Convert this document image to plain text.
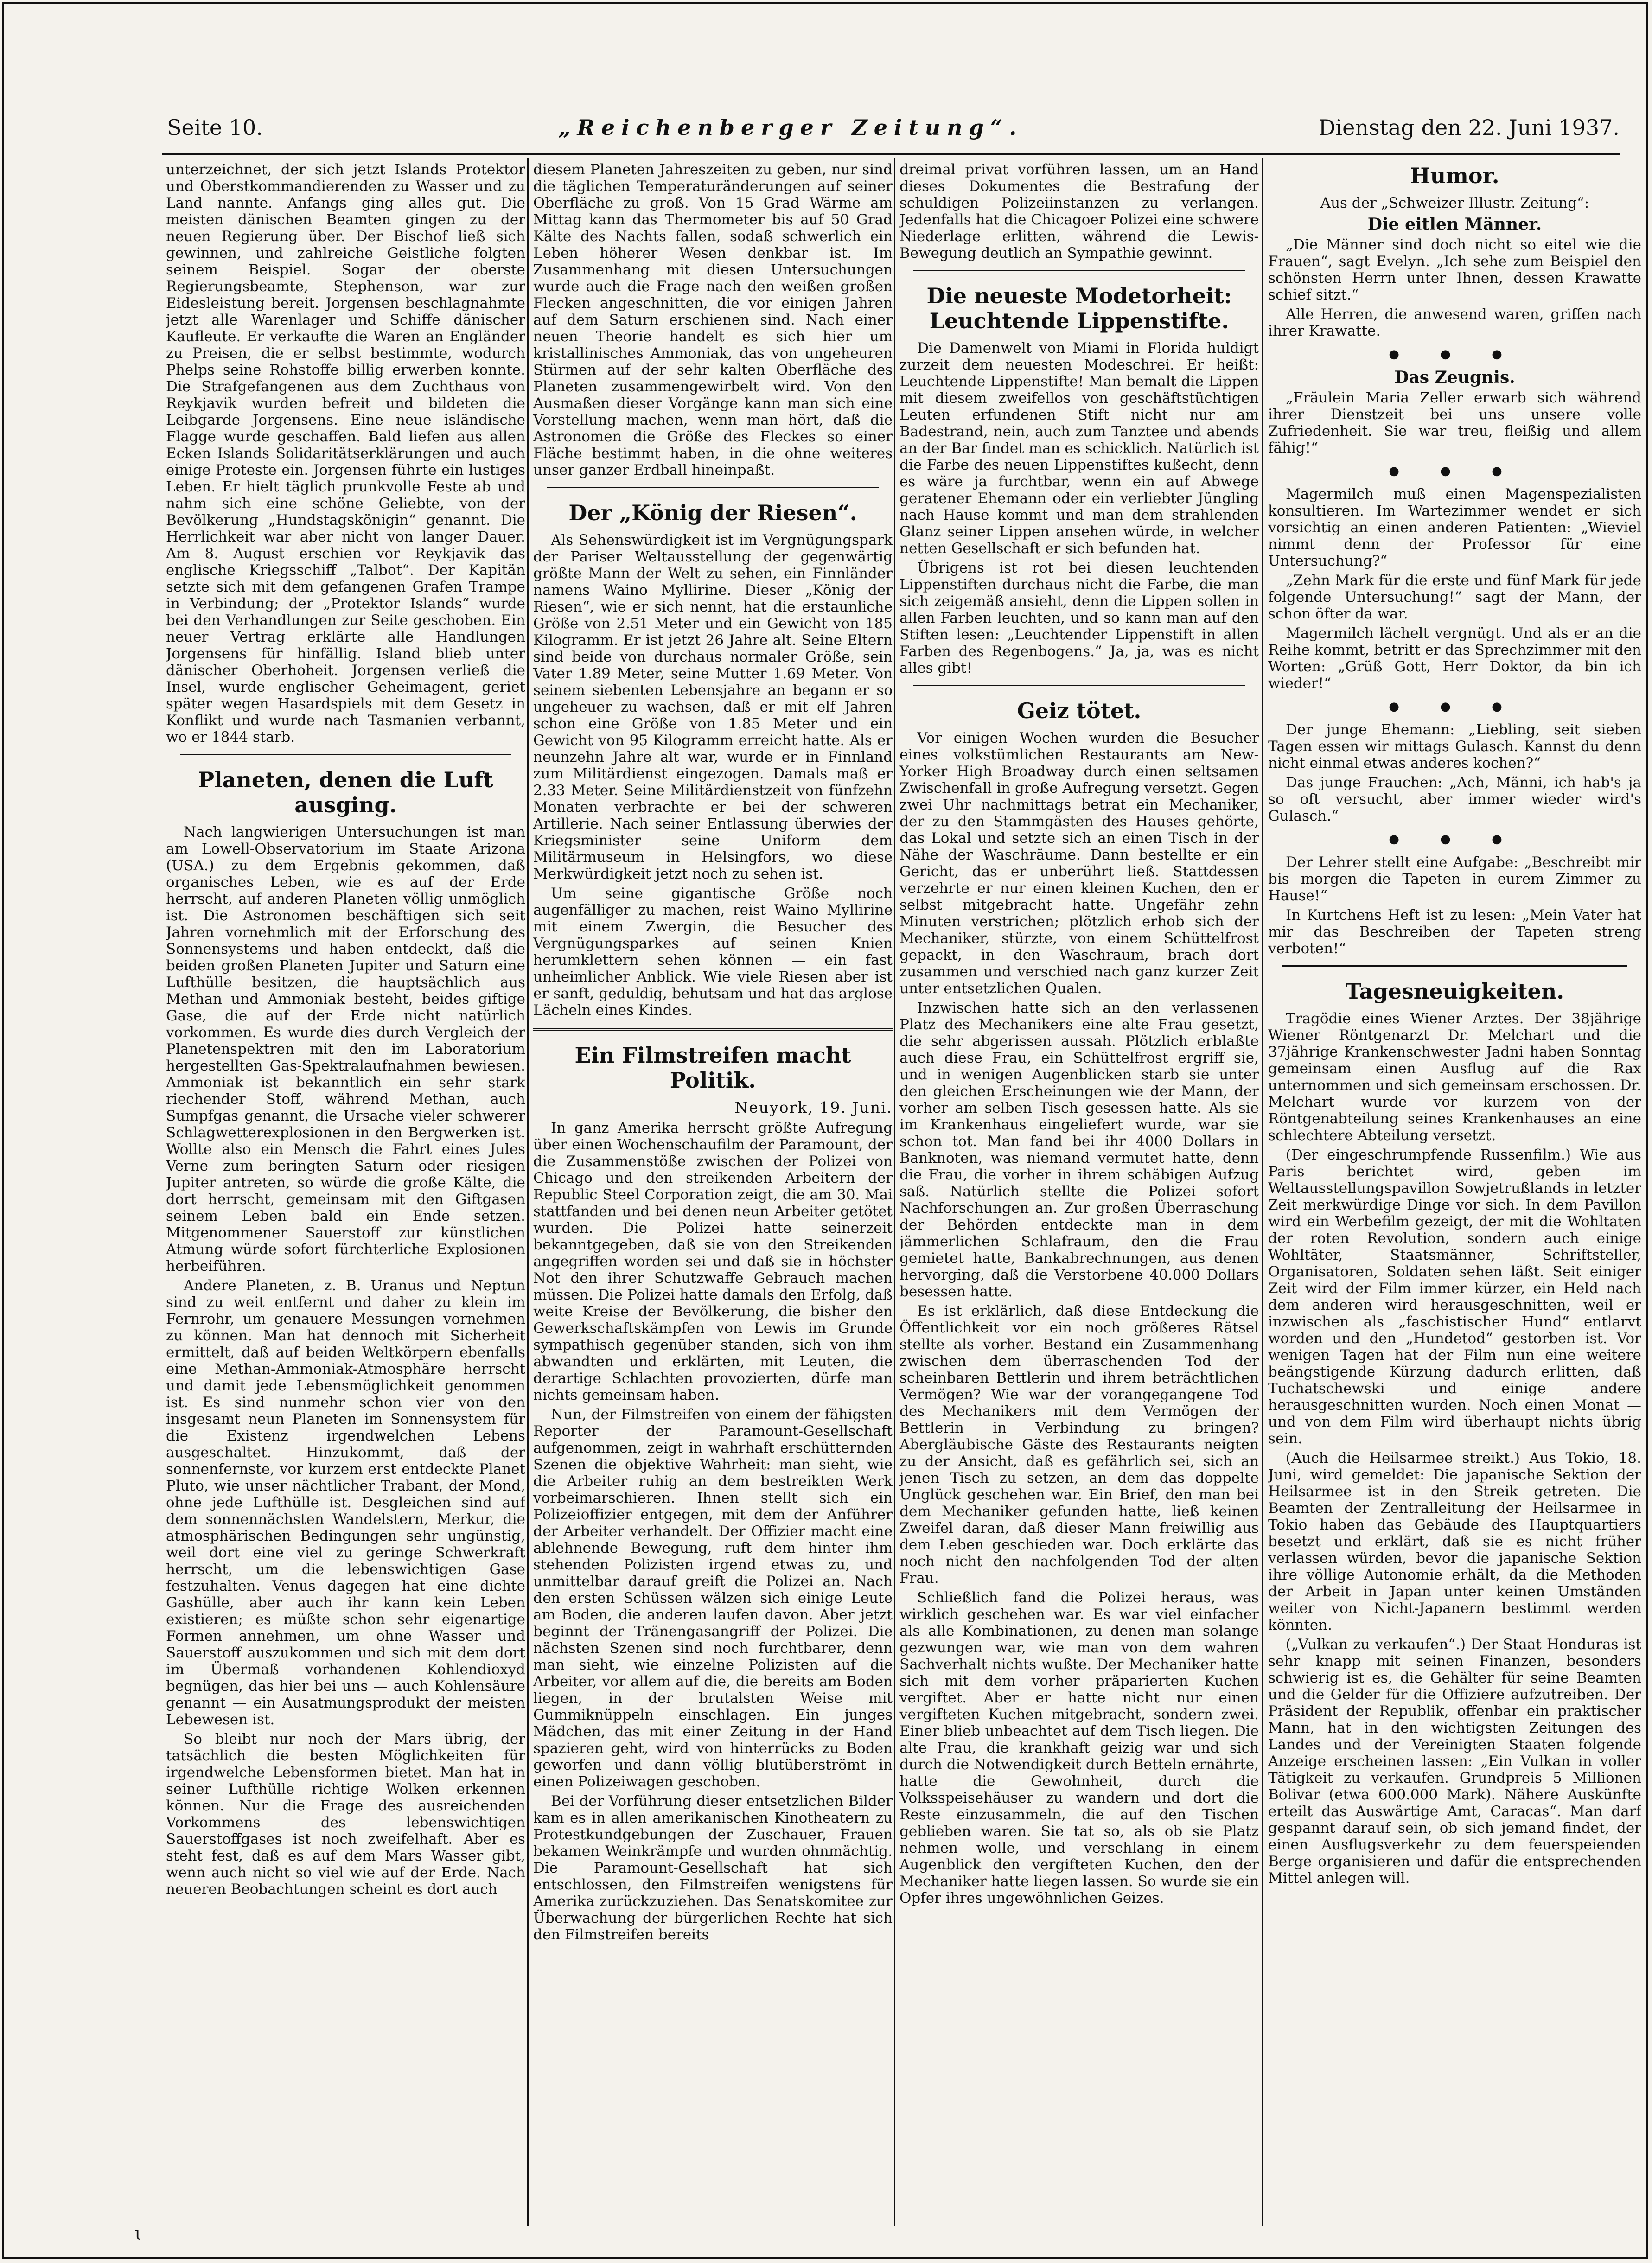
Seite 10.	„Reichenberger Zeitung“.	Dienstag den 22. Juni 1937.

unterzeichnet, der sich jetzt Islands Protektor und Oberstkommandierenden zu Wasser und zu Land nannte. Anfangs ging alles gut. Die meisten dänischen Beamten gingen zu der neuen Regierung über. Der Bischof ließ sich gewinnen, und zahlreiche Geistliche folgten seinem Beispiel. Sogar der oberste Regierungsbeamte, Stephenson, war zur Eidesleistung bereit. Jorgensen beschlagnahmte jetzt alle Warenlager und Schiffe dänischer Kaufleute. Er verkaufte die Waren an Engländer zu Preisen, die er selbst bestimmte, wodurch Phelps seine Rohstoffe billig erwerben konnte. Die Strafgefangenen aus dem Zuchthaus von Reykjavik wurden befreit und bildeten die Leibgarde Jorgensens. Eine neue isländische Flagge wurde geschaffen. Bald liefen aus allen Ecken Islands Solidaritätserklärungen und auch einige Proteste ein. Jorgensen führte ein lustiges Leben. Er hielt täglich prunkvolle Feste ab und nahm sich eine schöne Geliebte, von der Bevölkerung „Hundstagskönigin“ genannt. Die Herrlichkeit war aber nicht von langer Dauer. Am 8. August erschien vor Reykjavik das englische Kriegsschiff „Talbot“. Der Kapitän setzte sich mit dem gefangenen Grafen Trampe in Verbindung; der „Protektor Islands“ wurde bei den Verhandlungen zur Seite geschoben. Ein neuer Vertrag erklärte alle Handlungen Jorgensens für hinfällig. Island blieb unter dänischer Oberhoheit. Jorgensen verließ die Insel, wurde englischer Geheimagent, geriet später wegen Hasardspiels mit dem Gesetz in Konflikt und wurde nach Tasmanien verbannt, wo er 1844 starb.

Planeten, denen die Luft ausging.

Nach langwierigen Untersuchungen ist man am Lowell-Observatorium im Staate Arizona (USA.) zu dem Ergebnis gekommen, daß organisches Leben, wie es auf der Erde herrscht, auf anderen Planeten völlig unmöglich ist. Die Astronomen beschäftigen sich seit Jahren vornehmlich mit der Erforschung des Sonnensystems und haben entdeckt, daß die beiden großen Planeten Jupiter und Saturn eine Lufthülle besitzen, die hauptsächlich aus Methan und Ammoniak besteht, beides giftige Gase, die auf der Erde nicht natürlich vorkommen. Es wurde dies durch Vergleich der Planetenspektren mit den im Laboratorium hergestellten Gas-Spektralaufnahmen bewiesen. Ammoniak ist bekanntlich ein sehr stark riechender Stoff, während Methan, auch Sumpfgas genannt, die Ursache vieler schwerer Schlagwetterexplosionen in den Bergwerken ist. Wollte also ein Mensch die Fahrt eines Jules Verne zum beringten Saturn oder riesigen Jupiter antreten, so würde die große Kälte, die dort herrscht, gemeinsam mit den Giftgasen seinem Leben bald ein Ende setzen. Mitgenommener Sauerstoff zur künstlichen Atmung würde sofort fürchterliche Explosionen herbeiführen.

Andere Planeten, z. B. Uranus und Neptun sind zu weit entfernt und daher zu klein im Fernrohr, um genauere Messungen vornehmen zu können. Man hat dennoch mit Sicherheit ermittelt, daß auf beiden Weltkörpern ebenfalls eine Methan-Ammoniak-Atmosphäre herrscht und damit jede Lebensmöglichkeit genommen ist. Es sind nunmehr schon vier von den insgesamt neun Planeten im Sonnensystem für die Existenz irgendwelchen Lebens ausgeschaltet. Hinzukommt, daß der sonnenfernste, vor kurzem erst entdeckte Planet Pluto, wie unser nächtlicher Trabant, der Mond, ohne jede Lufthülle ist. Desgleichen sind auf dem sonnennächsten Wandelstern, Merkur, die atmosphärischen Bedingungen sehr ungünstig, weil dort eine viel zu geringe Schwerkraft herrscht, um die lebenswichtigen Gase festzuhalten. Venus dagegen hat eine dichte Gashülle, aber auch ihr kann kein Leben existieren; es müßte schon sehr eigenartige Formen annehmen, um ohne Wasser und Sauerstoff auszukommen und sich mit dem dort im Übermaß vorhandenen Kohlendioxyd begnügen, das hier bei uns — auch Kohlensäure genannt — ein Ausatmungsprodukt der meisten Lebewesen ist.

So bleibt nur noch der Mars übrig, der tatsächlich die besten Möglichkeiten für irgendwelche Lebensformen bietet. Man hat in seiner Lufthülle richtige Wolken erkennen können. Nur die Frage des ausreichenden Vorkommens des lebenswichtigen Sauerstoffgases ist noch zweifelhaft. Aber es steht fest, daß es auf dem Mars Wasser gibt, wenn auch nicht so viel wie auf der Erde. Nach neueren Beobachtungen scheint es dort auch

diesem Planeten Jahreszeiten zu geben, nur sind die täglichen Temperaturänderungen auf seiner Oberfläche zu groß. Von 15 Grad Wärme am Mittag kann das Thermometer bis auf 50 Grad Kälte des Nachts fallen, sodaß schwerlich ein Leben höherer Wesen denkbar ist. Im Zusammenhang mit diesen Untersuchungen wurde auch die Frage nach den weißen großen Flecken angeschnitten, die vor einigen Jahren auf dem Saturn erschienen sind. Nach einer neuen Theorie handelt es sich hier um kristallinisches Ammoniak, das von ungeheuren Stürmen auf der sehr kalten Oberfläche des Planeten zusammengewirbelt wird. Von den Ausmaßen dieser Vorgänge kann man sich eine Vorstellung machen, wenn man hört, daß die Astronomen die Größe des Fleckes so einer Fläche bestimmt haben, in die ohne weiteres unser ganzer Erdball hineinpaßt.

Der „König der Riesen“.

Als Sehenswürdigkeit ist im Vergnügungspark der Pariser Weltausstellung der gegenwärtig größte Mann der Welt zu sehen, ein Finnländer namens Waino Myllirine. Dieser „König der Riesen“, wie er sich nennt, hat die erstaunliche Größe von 2.51 Meter und ein Gewicht von 185 Kilogramm. Er ist jetzt 26 Jahre alt. Seine Eltern sind beide von durchaus normaler Größe, sein Vater 1.89 Meter, seine Mutter 1.69 Meter. Von seinem siebenten Lebensjahre an begann er so ungeheuer zu wachsen, daß er mit elf Jahren schon eine Größe von 1.85 Meter und ein Gewicht von 95 Kilogramm erreicht hatte. Als er neunzehn Jahre alt war, wurde er in Finnland zum Militärdienst eingezogen. Damals maß er 2.33 Meter. Seine Militärdienstzeit von fünfzehn Monaten verbrachte er bei der schweren Artillerie. Nach seiner Entlassung überwies der Kriegsminister seine Uniform dem Militärmuseum in Helsingfors, wo diese Merkwürdigkeit jetzt noch zu sehen ist.

Um seine gigantische Größe noch augenfälliger zu machen, reist Waino Myllirine mit einem Zwergin, die Besucher des Vergnügungsparkes auf seinen Knien herumklettern sehen können — ein fast unheimlicher Anblick. Wie viele Riesen aber ist er sanft, geduldig, behutsam und hat das arglose Lächeln eines Kindes.

Ein Filmstreifen macht Politik.
Neuyork, 19. Juni.

In ganz Amerika herrscht größte Aufregung über einen Wochenschaufilm der Paramount, der die Zusammenstöße zwischen der Polizei von Chicago und den streikenden Arbeitern der Republic Steel Corporation zeigt, die am 30. Mai stattfanden und bei denen neun Arbeiter getötet wurden. Die Polizei hatte seinerzeit bekanntgegeben, daß sie von den Streikenden angegriffen worden sei und daß sie in höchster Not den ihrer Schutzwaffe Gebrauch machen müssen. Die Polizei hatte damals den Erfolg, daß weite Kreise der Bevölkerung, die bisher den Gewerkschaftskämpfen von Lewis im Grunde sympathisch gegenüber standen, sich von ihm abwandten und erklärten, mit Leuten, die derartige Schlachten provozierten, dürfe man nichts gemeinsam haben.

Nun, der Filmstreifen von einem der fähigsten Reporter der Paramount-Gesellschaft aufgenommen, zeigt in wahrhaft erschütternden Szenen die objektive Wahrheit: man sieht, wie die Arbeiter ruhig an dem bestreikten Werk vorbeimarschieren. Ihnen stellt sich ein Polizeioffizier entgegen, mit dem der Anführer der Arbeiter verhandelt. Der Offizier macht eine ablehnende Bewegung, ruft dem hinter ihm stehenden Polizisten irgend etwas zu, und unmittelbar darauf greift die Polizei an. Nach den ersten Schüssen wälzen sich einige Leute am Boden, die anderen laufen davon. Aber jetzt beginnt der Tränengasangriff der Polizei. Die nächsten Szenen sind noch furchtbarer, denn man sieht, wie einzelne Polizisten auf die Arbeiter, vor allem auf die, die bereits am Boden liegen, in der brutalsten Weise mit Gummiknüppeln einschlagen. Ein junges Mädchen, das mit einer Zeitung in der Hand spazieren geht, wird von hinterrücks zu Boden geworfen und dann völlig blutüberströmt in einen Polizeiwagen geschoben.

Bei der Vorführung dieser entsetzlichen Bilder kam es in allen amerikanischen Kinotheatern zu Protestkundgebungen der Zuschauer, Frauen bekamen Weinkrämpfe und wurden ohnmächtig. Die Paramount-Gesellschaft hat sich entschlossen, den Filmstreifen wenigstens für Amerika zurückzuziehen. Das Senatskomitee zur Überwachung der bürgerlichen Rechte hat sich den Filmstreifen bereits

dreimal privat vorführen lassen, um an Hand dieses Dokumentes die Bestrafung der schuldigen Polizeiinstanzen zu verlangen. Jedenfalls hat die Chicagoer Polizei eine schwere Niederlage erlitten, während die Lewis-Bewegung deutlich an Sympathie gewinnt.

Die neueste Modetorheit: Leuchtende Lippenstifte.

Die Damenwelt von Miami in Florida huldigt zurzeit dem neuesten Modeschrei. Er heißt: Leuchtende Lippenstifte! Man bemalt die Lippen mit diesem zweifellos von geschäftstüchtigen Leuten erfundenen Stift nicht nur am Badestrand, nein, auch zum Tanztee und abends an der Bar findet man es schicklich. Natürlich ist die Farbe des neuen Lippenstiftes kußecht, denn es wäre ja furchtbar, wenn ein auf Abwege geratener Ehemann oder ein verliebter Jüngling nach Hause kommt und man dem strahlenden Glanz seiner Lippen ansehen würde, in welcher netten Gesellschaft er sich befunden hat.

Übrigens ist rot bei diesen leuchtenden Lippenstiften durchaus nicht die Farbe, die man sich zeigemäß ansieht, denn die Lippen sollen in allen Farben leuchten, und so kann man auf den Stiften lesen: „Leuchtender Lippenstift in allen Farben des Regenbogens.“ Ja, ja, was es nicht alles gibt!

Geiz tötet.

Vor einigen Wochen wurden die Besucher eines volkstümlichen Restaurants am New-Yorker High Broadway durch einen seltsamen Zwischenfall in große Aufregung versetzt. Gegen zwei Uhr nachmittags betrat ein Mechaniker, der zu den Stammgästen des Hauses gehörte, das Lokal und setzte sich an einen Tisch in der Nähe der Waschräume. Dann bestellte er ein Gericht, das er unberührt ließ. Stattdessen verzehrte er nur einen kleinen Kuchen, den er selbst mitgebracht hatte. Ungefähr zehn Minuten verstrichen; plötzlich erhob sich der Mechaniker, stürzte, von einem Schüttelfrost gepackt, in den Waschraum, brach dort zusammen und verschied nach ganz kurzer Zeit unter entsetzlichen Qualen.

Inzwischen hatte sich an den verlassenen Platz des Mechanikers eine alte Frau gesetzt, die sehr abgerissen aussah. Plötzlich erblaßte auch diese Frau, ein Schüttelfrost ergriff sie, und in wenigen Augenblicken starb sie unter den gleichen Erscheinungen wie der Mann, der vorher am selben Tisch gesessen hatte. Als sie im Krankenhaus eingeliefert wurde, war sie schon tot. Man fand bei ihr 4000 Dollars in Banknoten, was niemand vermutet hatte, denn die Frau, die vorher in ihrem schäbigen Aufzug saß. Natürlich stellte die Polizei sofort Nachforschungen an. Zur großen Überraschung der Behörden entdeckte man in dem jämmerlichen Schlafraum, den die Frau gemietet hatte, Bankabrechnungen, aus denen hervorging, daß die Verstorbene 40.000 Dollars besessen hatte.

Es ist erklärlich, daß diese Entdeckung die Öffentlichkeit vor ein noch größeres Rätsel stellte als vorher. Bestand ein Zusammenhang zwischen dem überraschenden Tod der scheinbaren Bettlerin und ihrem beträchtlichen Vermögen? Wie war der vorangegangene Tod des Mechanikers mit dem Vermögen der Bettlerin in Verbindung zu bringen? Abergläubische Gäste des Restaurants neigten zu der Ansicht, daß es gefährlich sei, sich an jenen Tisch zu setzen, an dem das doppelte Unglück geschehen war. Ein Brief, den man bei dem Mechaniker gefunden hatte, ließ keinen Zweifel daran, daß dieser Mann freiwillig aus dem Leben geschieden war. Doch erklärte das noch nicht den nachfolgenden Tod der alten Frau.

Schließlich fand die Polizei heraus, was wirklich geschehen war. Es war viel einfacher als alle Kombinationen, zu denen man solange gezwungen war, wie man von dem wahren Sachverhalt nichts wußte. Der Mechaniker hatte sich mit dem vorher präparierten Kuchen vergiftet. Aber er hatte nicht nur einen vergifteten Kuchen mitgebracht, sondern zwei. Einer blieb unbeachtet auf dem Tisch liegen. Die alte Frau, die krankhaft geizig war und sich durch die Notwendigkeit durch Betteln ernährte, hatte die Gewohnheit, durch die Volksspeisehäuser zu wandern und dort die Reste einzusammeln, die auf den Tischen geblieben waren. Sie tat so, als ob sie Platz nehmen wolle, und verschlang in einem Augenblick den vergifteten Kuchen, den der Mechaniker hatte liegen lassen. So wurde sie ein Opfer ihres ungewöhnlichen Geizes.

Humor.

Aus der „Schweizer Illustr. Zeitung“:

Die eitlen Männer.

„Die Männer sind doch nicht so eitel wie die Frauen“, sagt Evelyn. „Ich sehe zum Beispiel den schönsten Herrn unter Ihnen, dessen Krawatte schief sitzt.“

Alle Herren, die anwesend waren, griffen nach ihrer Krawatte.

● ● ●
Das Zeugnis.

„Fräulein Maria Zeller erwarb sich während ihrer Dienstzeit bei uns unsere volle Zufriedenheit. Sie war treu, fleißig und allem fähig!“

● ● ●

Magermilch muß einen Magenspezialisten konsultieren. Im Wartezimmer wendet er sich vorsichtig an einen anderen Patienten: „Wieviel nimmt denn der Professor für eine Untersuchung?“

„Zehn Mark für die erste und fünf Mark für jede folgende Untersuchung!“ sagt der Mann, der schon öfter da war.

Magermilch lächelt vergnügt. Und als er an die Reihe kommt, betritt er das Sprechzimmer mit den Worten: „Grüß Gott, Herr Doktor, da bin ich wieder!“

● ● ●

Der junge Ehemann: „Liebling, seit sieben Tagen essen wir mittags Gulasch. Kannst du denn nicht einmal etwas anderes kochen?“

Das junge Frauchen: „Ach, Männi, ich hab's ja so oft versucht, aber immer wieder wird's Gulasch.“

● ● ●

Der Lehrer stellt eine Aufgabe: „Beschreibt mir bis morgen die Tapeten in eurem Zimmer zu Hause!“

In Kurtchens Heft ist zu lesen: „Mein Vater hat mir das Beschreiben der Tapeten streng verboten!“

Tagesneuigkeiten.

Tragödie eines Wiener Arztes. Der 38jährige Wiener Röntgenarzt Dr. Melchart und die 37jährige Krankenschwester Jadni haben Sonntag gemeinsam einen Ausflug auf die Rax unternommen und sich gemeinsam erschossen. Dr. Melchart wurde vor kurzem von der Röntgenabteilung seines Krankenhauses an eine schlechtere Abteilung versetzt.

(Der eingeschrumpfende Russenfilm.) Wie aus Paris berichtet wird, geben im Weltausstellungspavillon Sowjetrußlands in letzter Zeit merkwürdige Dinge vor sich. In dem Pavillon wird ein Werbefilm gezeigt, der mit die Wohltaten der roten Revolution, sondern auch einige Wohltäter, Staatsmänner, Schriftsteller, Organisatoren, Soldaten sehen läßt. Seit einiger Zeit wird der Film immer kürzer, ein Held nach dem anderen wird herausgeschnitten, weil er inzwischen als „faschistischer Hund“ entlarvt worden und den „Hundetod“ gestorben ist. Vor wenigen Tagen hat der Film nun eine weitere beängstigende Kürzung dadurch erlitten, daß Tuchatschewski und einige andere herausgeschnitten wurden. Noch einen Monat — und von dem Film wird überhaupt nichts übrig sein.

(Auch die Heilsarmee streikt.) Aus Tokio, 18. Juni, wird gemeldet: Die japanische Sektion der Heilsarmee ist in den Streik getreten. Die Beamten der Zentralleitung der Heilsarmee in Tokio haben das Gebäude des Hauptquartiers besetzt und erklärt, daß sie es nicht früher verlassen würden, bevor die japanische Sektion ihre völlige Autonomie erhält, da die Methoden der Arbeit in Japan unter keinen Umständen weiter von Nicht-Japanern bestimmt werden könnten.

(„Vulkan zu verkaufen“.) Der Staat Honduras ist sehr knapp mit seinen Finanzen, besonders schwierig ist es, die Gehälter für seine Beamten und die Gelder für die Offiziere aufzutreiben. Der Präsident der Republik, offenbar ein praktischer Mann, hat in den wichtigsten Zeitungen des Landes und der Vereinigten Staaten folgende Anzeige erscheinen lassen: „Ein Vulkan in voller Tätigkeit zu verkaufen. Grundpreis 5 Millionen Bolivar (etwa 600.000 Mark). Nähere Auskünfte erteilt das Auswärtige Amt, Caracas“. Man darf gespannt darauf sein, ob sich jemand findet, der einen Ausflugsverkehr zu dem feuerspeienden Berge organisieren und dafür die entsprechenden Mittel anlegen will.

ɩ
